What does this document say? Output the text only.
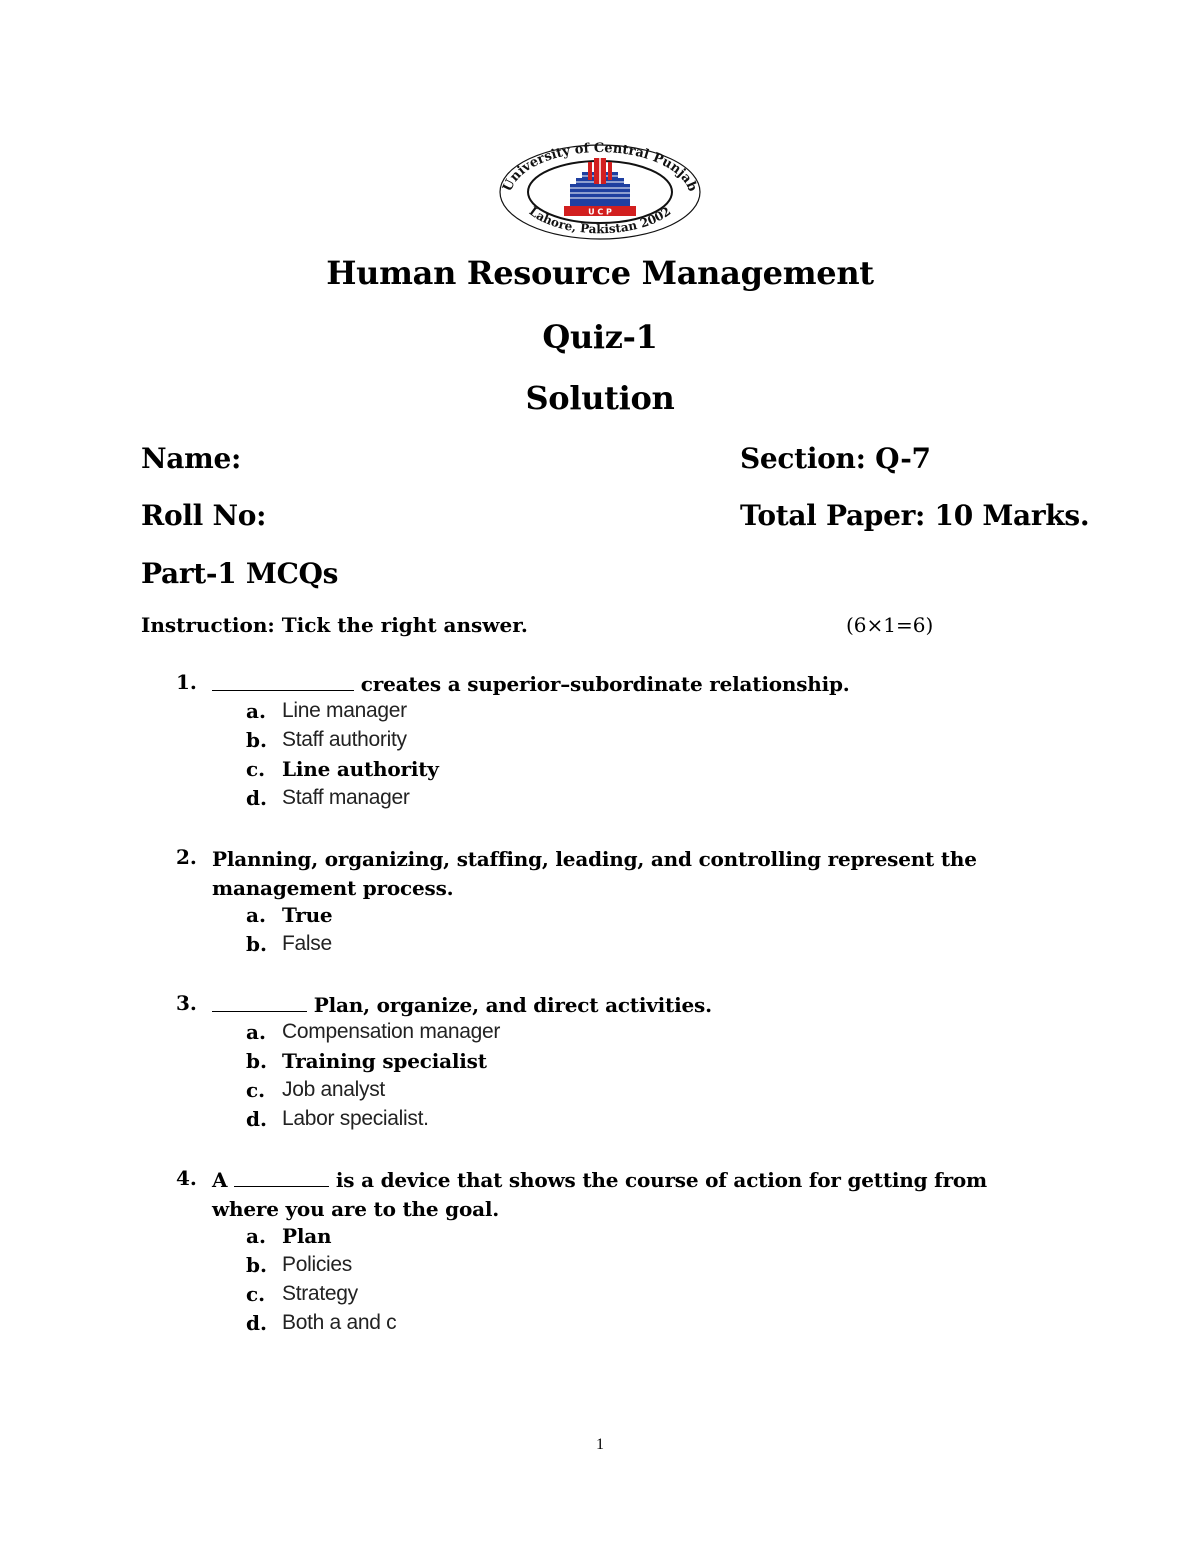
University of Central Punjab
Lahore, Pakistan 2002
U C P
Human Resource Management
Quiz-1
Solution
Name:	Section: Q-7
Roll No:	Total Paper: 10 Marks.
Part-1 MCQs
Instruction: Tick the right answer.	(6×1=6)
1.	creates a superior–subordinate relationship.
a. Line manager
b. Staff authority
c. Line authority
d. Staff manager
2. Planning, organizing, staffing, leading, and controlling represent the management process.
a. True
b. False
3.	Plan, organize, and direct activities.
a. Compensation manager
b. Training specialist
c. Job analyst
d. Labor specialist.
4. A	is a device that shows the course of action for getting from where you are to the goal.
a. Plan
b. Policies
c. Strategy
d. Both a and c
1
